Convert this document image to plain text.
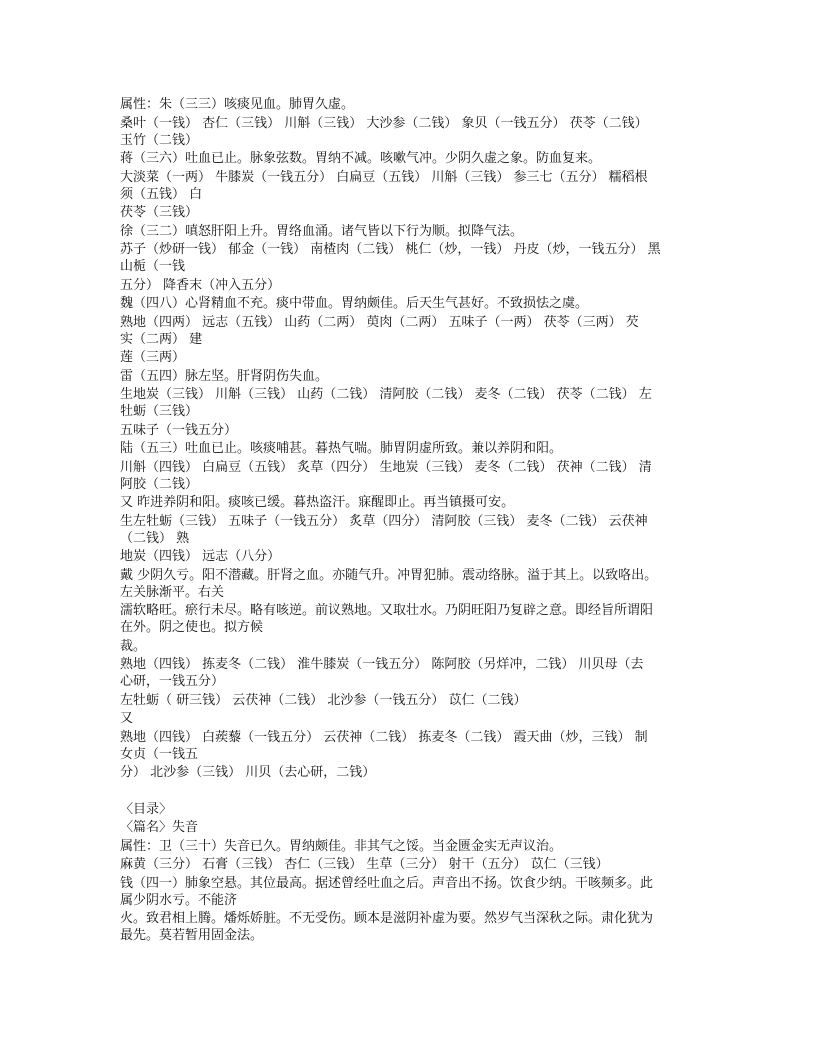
属性：朱（三三）咳痰见血。肺胃久虚。
桑叶（一钱） 杏仁（三钱） 川斛（三钱） 大沙参（二钱） 象贝（一钱五分） 茯苓（二钱）
玉竹（二钱）
蒋（三六）吐血已止。脉象弦数。胃纳不减。咳嗽气冲。少阴久虚之象。防血复来。
大淡菜（一两） 牛膝炭（一钱五分） 白扁豆（五钱） 川斛（三钱） 参三七（五分） 糯稻根
须（五钱） 白
茯苓（三钱）
徐（三二）嗔怒肝阳上升。胃络血涌。诸气皆以下行为顺。拟降气法。
苏子（炒研一钱） 郁金（一钱） 南楂肉（二钱） 桃仁（炒，一钱） 丹皮（炒，一钱五分） 黑
山栀（一钱
五分） 降香末（冲入五分）
魏（四八）心肾精血不充。痰中带血。胃纳颇佳。后天生气甚好。不致损怯之虞。
熟地（四两） 远志（五钱） 山药（二两） 萸肉（二两） 五味子（一两） 茯苓（三两） 芡
实（二两） 建
莲（三两）
雷（五四）脉左坚。肝肾阴伤失血。
生地炭（三钱） 川斛（三钱） 山药（二钱） 清阿胶（二钱） 麦冬（二钱） 茯苓（二钱） 左
牡蛎（三钱）
五味子（一钱五分）
陆（五三）吐血已止。咳痰哺甚。暮热气喘。肺胃阴虚所致。兼以养阴和阳。
川斛（四钱） 白扁豆（五钱） 炙草（四分） 生地炭（三钱） 麦冬（二钱） 茯神（二钱） 清
阿胶（二钱）
又 昨进养阴和阳。痰咳已缓。暮热盗汗。寐醒即止。再当镇摄可安。
生左牡蛎（三钱） 五味子（一钱五分） 炙草（四分） 清阿胶（三钱） 麦冬（二钱） 云茯神
（二钱） 熟
地炭（四钱） 远志（八分）
戴 少阴久亏。阳不潜藏。肝肾之血。亦随气升。冲胃犯肺。震动络脉。溢于其上。以致咯出。
左关脉渐平。右关
濡软略旺。瘀行未尽。略有咳逆。前议熟地。又取壮水。乃阴旺阳乃复辟之意。即经旨所谓阳
在外。阴之使也。拟方候
裁。
熟地（四钱） 拣麦冬（二钱） 淮牛膝炭（一钱五分） 陈阿胶（另烊冲，二钱） 川贝母（去
心研，一钱五分）
左牡蛎（ 研三钱） 云茯神（二钱） 北沙参（一钱五分） 苡仁（二钱）
又
熟地（四钱） 白蒺藜（一钱五分） 云茯神（二钱） 拣麦冬（二钱） 霞天曲（炒，三钱） 制
女贞（一钱五
分） 北沙参（三钱） 川贝（去心研，二钱）
〈目录〉
〈篇名〉失音
属性：卫（三十）失音已久。胃纳颇佳。非其气之馁。当金匮金实无声议治。
麻黄（三分） 石膏（三钱） 杏仁（三钱） 生草（三分） 射干（五分） 苡仁（三钱）
钱（四一）肺象空悬。其位最高。据述曾经吐血之后。声音出不扬。饮食少纳。干咳频多。此
属少阴水亏。不能济
火。致君相上腾。燔烁娇脏。不无受伤。顾本是滋阴补虚为要。然岁气当深秋之际。肃化犹为
最先。莫若暂用固金法。
